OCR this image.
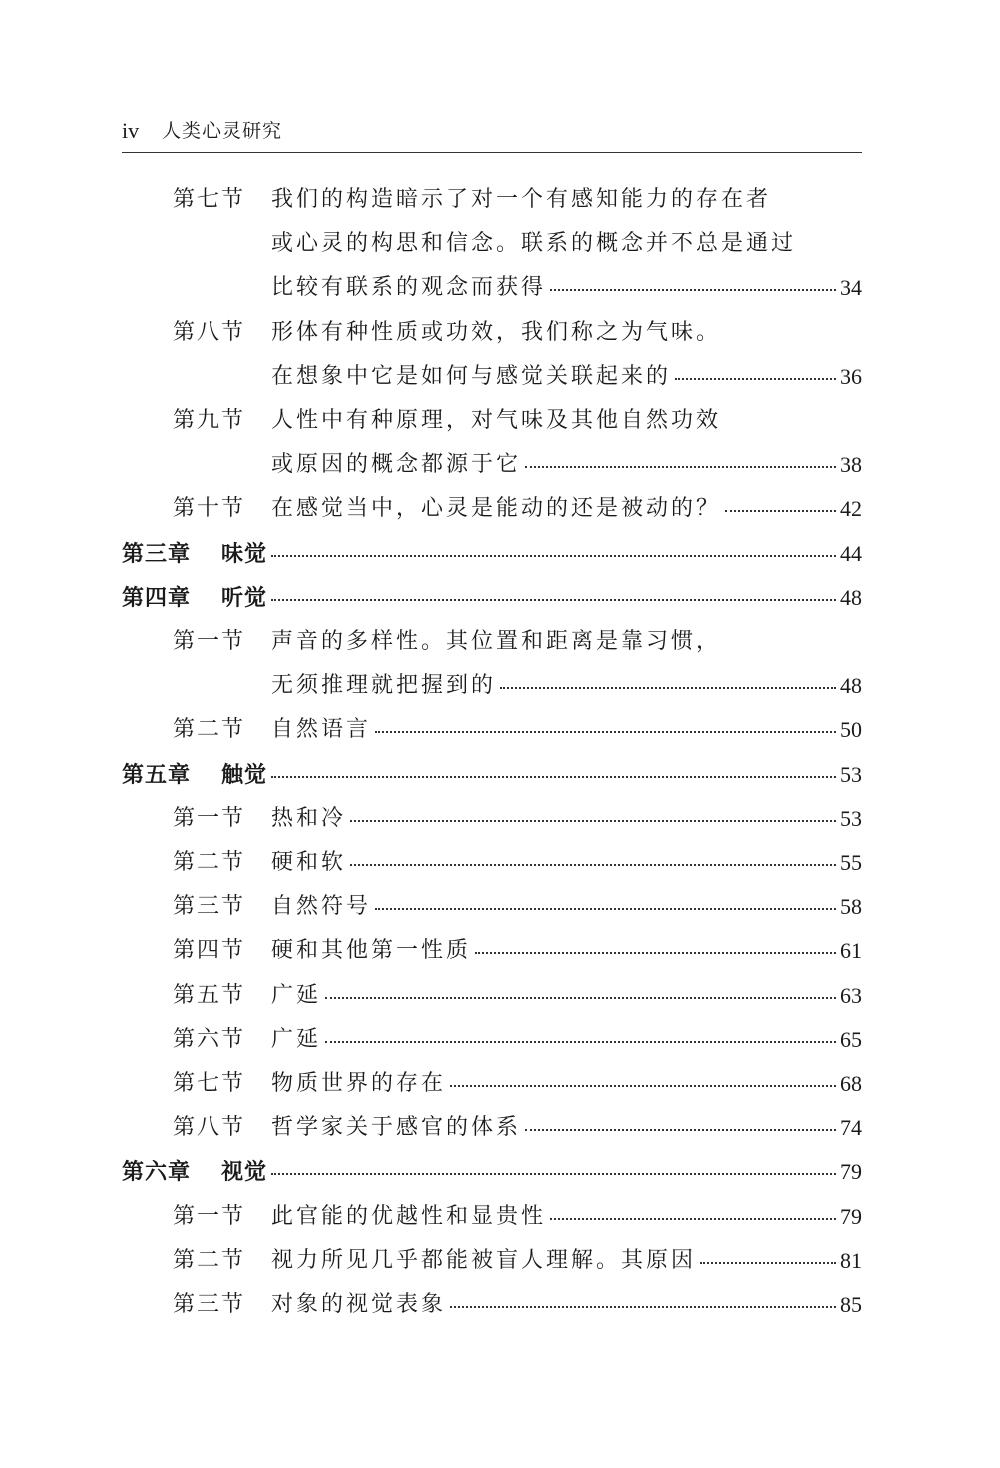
iv 人类心灵研究
第七节 我们的构造暗示了对一个有感知能力的存在者
或心灵的构思和信念。联系的概念并不总是通过
比较有联系的观念而获得	34
第八节 形体有种性质或功效，我们称之为气味。
在想象中它是如何与感觉关联起来的	36
第九节 人性中有种原理，对气味及其他自然功效
或原因的概念都源于它	38
第十节 在感觉当中，心灵是能动的还是被动的？	42
第三章 味觉	44
第四章 听觉	48
第一节 声音的多样性。其位置和距离是靠习惯，
无须推理就把握到的	48
第二节 自然语言	50
第五章 触觉	53
第一节 热和冷	53
第二节 硬和软	55
第三节 自然符号	58
第四节 硬和其他第一性质	61
第五节 广延	63
第六节 广延	65
第七节 物质世界的存在	68
第八节 哲学家关于感官的体系	74
第六章 视觉	79
第一节 此官能的优越性和显贵性	79
第二节 视力所见几乎都能被盲人理解。其原因	81
第三节 对象的视觉表象	85
